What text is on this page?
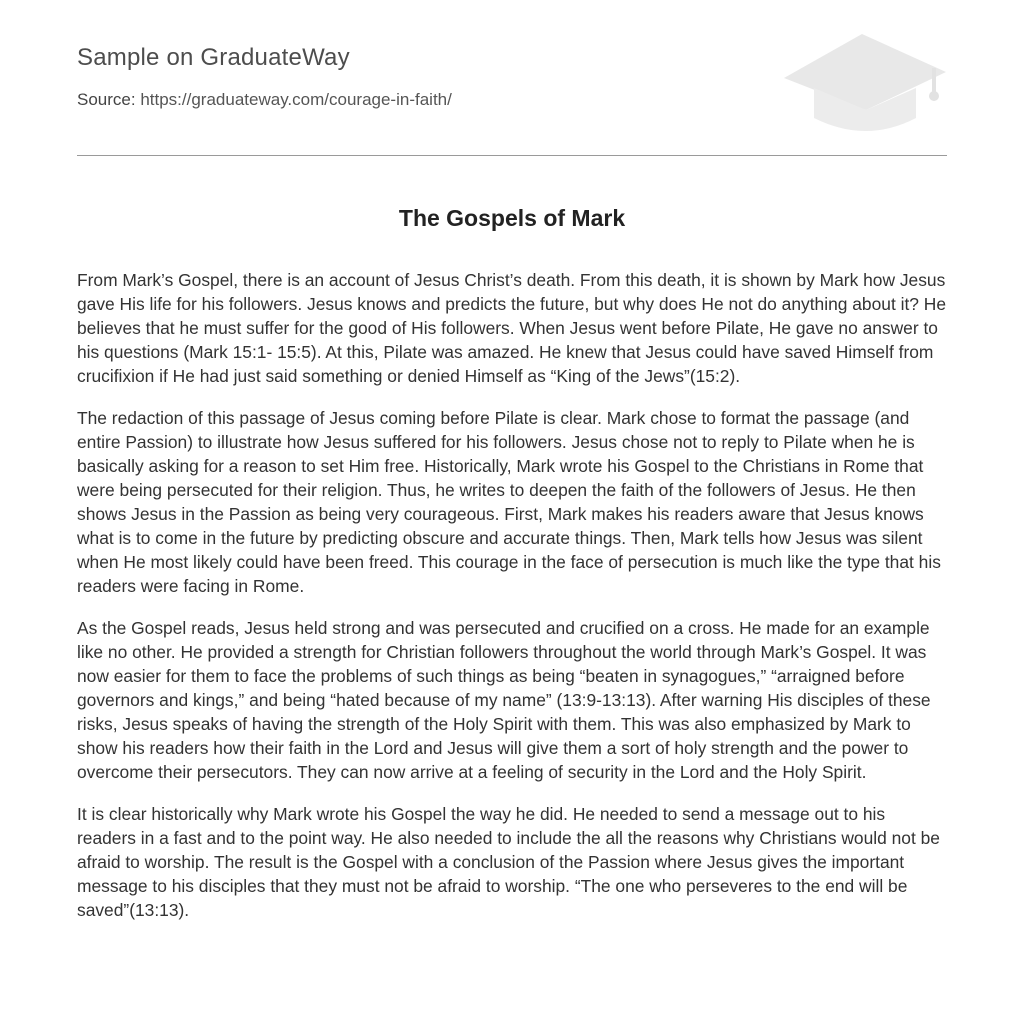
Sample on GraduateWay
Source: https://graduateway.com/courage-in-faith/
The Gospels of Mark

From Mark’s Gospel, there is an account of Jesus Christ’s death. From this death, it is shown by Mark how Jesus gave His life for his followers. Jesus knows and predicts the future, but why does He not do anything about it? He believes that he must suffer for the good of His followers. When Jesus went before Pilate, He gave no answer to his questions (Mark 15:1- 15:5). At this, Pilate was amazed. He knew that Jesus could have saved Himself from crucifixion if He had just said something or denied Himself as “King of the Jews”(15:2).

The redaction of this passage of Jesus coming before Pilate is clear. Mark chose to format the passage (and entire Passion) to illustrate how Jesus suffered for his followers. Jesus chose not to reply to Pilate when he is basically asking for a reason to set Him free. Historically, Mark wrote his Gospel to the Christians in Rome that were being persecuted for their religion. Thus, he writes to deepen the faith of the followers of Jesus. He then shows Jesus in the Passion as being very courageous. First, Mark makes his readers aware that Jesus knows what is to come in the future by predicting obscure and accurate things. Then, Mark tells how Jesus was silent when He most likely could have been freed. This courage in the face of persecution is much like the type that his readers were facing in Rome.

As the Gospel reads, Jesus held strong and was persecuted and crucified on a cross. He made for an example like no other. He provided a strength for Christian followers throughout the world through Mark’s Gospel. It was now easier for them to face the problems of such things as being “beaten in synagogues,” “arraigned before governors and kings,” and being “hated because of my name” (13:9-13:13). After warning His disciples of these risks, Jesus speaks of having the strength of the Holy Spirit with them. This was also emphasized by Mark to show his readers how their faith in the Lord and Jesus will give them a sort of holy strength and the power to overcome their persecutors. They can now arrive at a feeling of security in the Lord and the Holy Spirit.

It is clear historically why Mark wrote his Gospel the way he did. He needed to send a message out to his readers in a fast and to the point way. He also needed to include the all the reasons why Christians would not be afraid to worship. The result is the Gospel with a conclusion of the Passion where Jesus gives the important message to his disciples that they must not be afraid to worship. “The one who perseveres to the end will be saved”(13:13).
